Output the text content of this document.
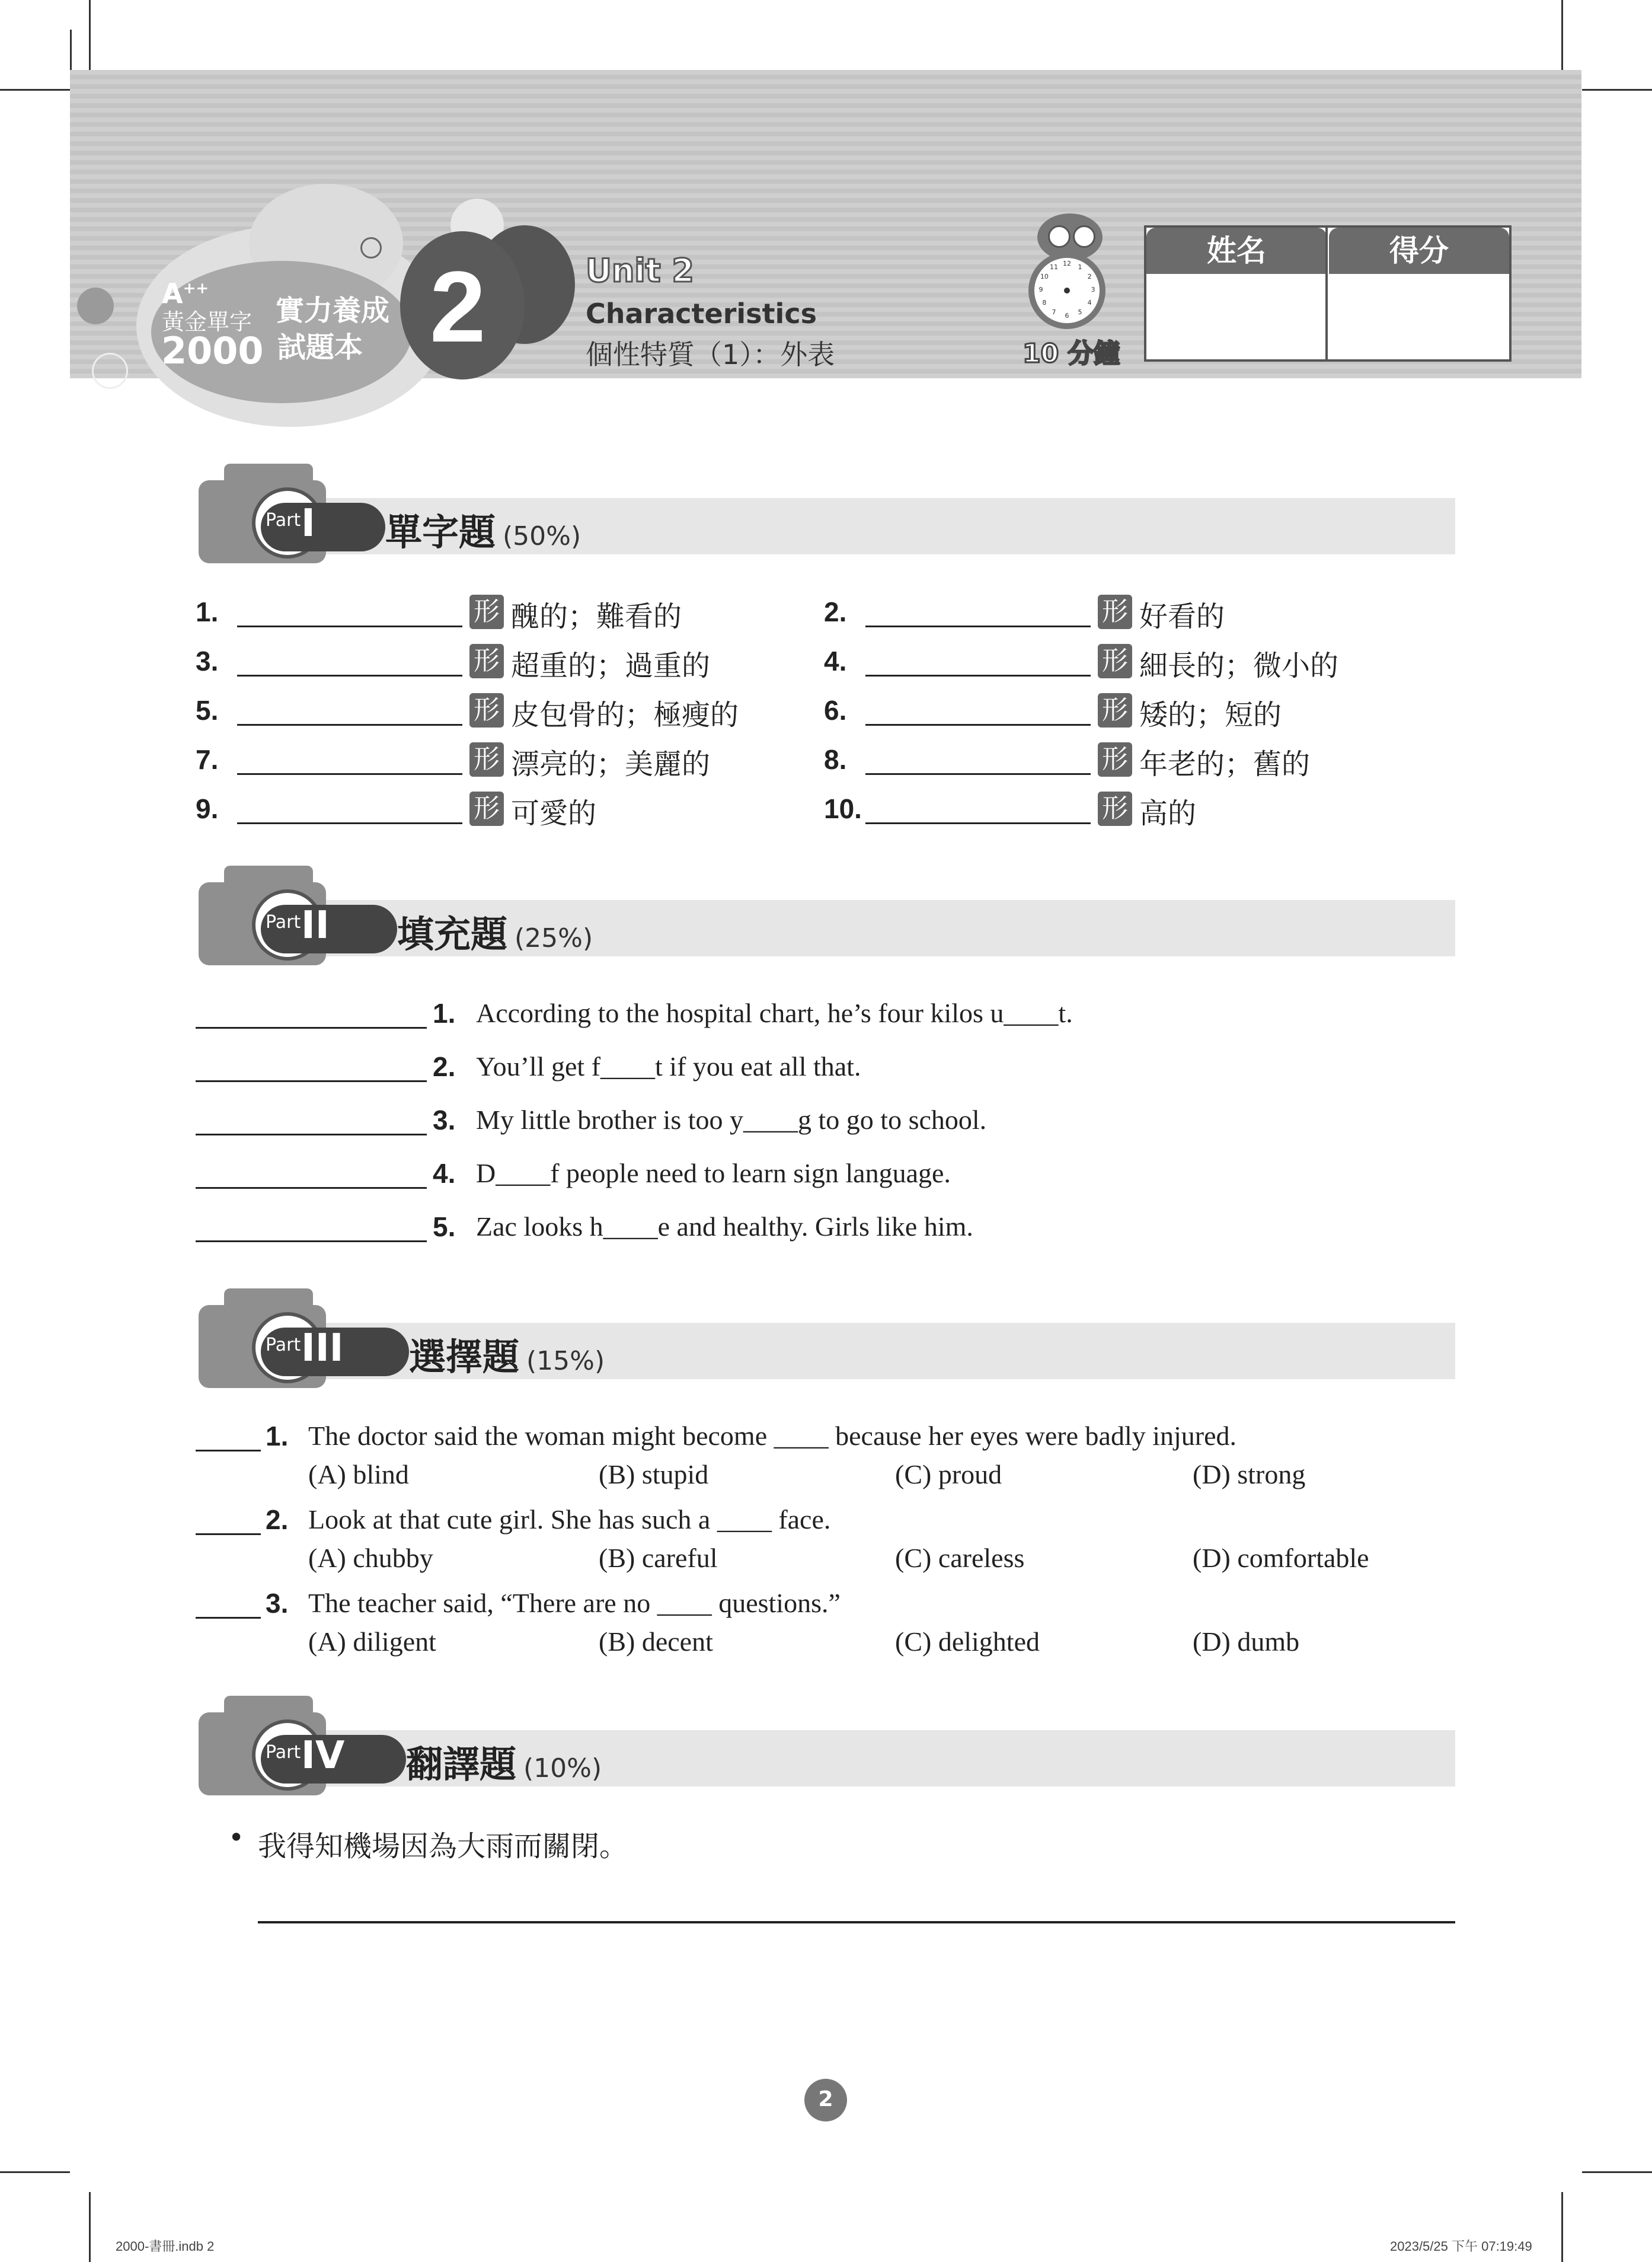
A++
黃金單字
2000
實力養成
試題本 2	Unit 2
Characteristics
個性特質（1）：外表
12	1
2
3
4
5
6
7
8
9
10
11
10 分鐘
姓名	得分
Part I 單字題 (50%)
Part II 填充題 (25%)
Part III 選擇題 (15%)
Part IV 翻譯題 (10%)
1.	形 醜的；難看的	2.	形 好看的
3.	形 超重的；過重的	4.	形 細長的；微小的
5.	形 皮包骨的；極瘦的	6.	形 矮的；短的
7.	形 漂亮的；美麗的	8.	形 年老的；舊的
9.	形 可愛的	10.	形 高的
1. According to the hospital chart, he’s four kilos u____t.
2. You’ll get f____t if you eat all that.
3. My little brother is too y____g to go to school.
4. D____f people need to learn sign language.
5. Zac looks h____e and healthy. Girls like him.
1. The doctor said the woman might become ____ because her eyes were badly injured.
(A) blind	(B) stupid	(C) proud	(D) strong
2. Look at that cute girl. She has such a ____ face.
(A) chubby	(B) careful	(C) careless	(D) comfortable
3. The teacher said, “There are no ____ questions.”
(A) diligent	(B) decent	(C) delighted	(D) dumb
• 我得知機場因為大雨而關閉。
2
2000-書冊.indb 2	2023/5/25 下午 07:19:49
